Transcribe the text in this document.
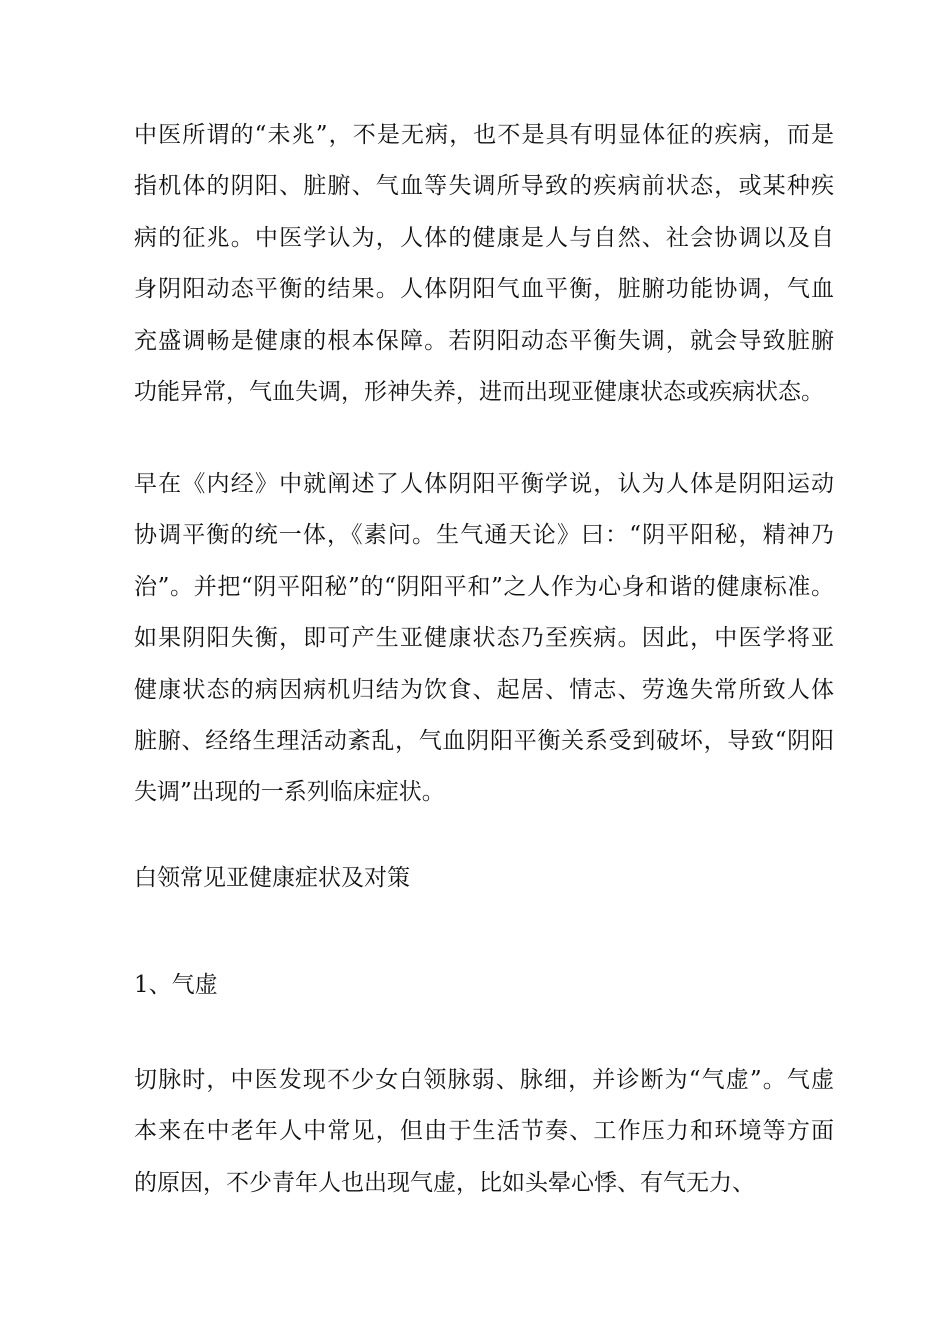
中医所谓的“未兆”，不是无病，也不是具有明显体征的疾病，而是
指机体的阴阳、脏腑、气血等失调所导致的疾病前状态，或某种疾
病的征兆。中医学认为，人体的健康是人与自然、社会协调以及自
身阴阳动态平衡的结果。人体阴阳气血平衡，脏腑功能协调，气血
充盛调畅是健康的根本保障。若阴阳动态平衡失调，就会导致脏腑
功能异常，气血失调，形神失养，进而出现亚健康状态或疾病状态。
早在《内经》中就阐述了人体阴阳平衡学说，认为人体是阴阳运动
协调平衡的统一体，《素问。生气通天论》曰：“阴平阳秘，精神乃
治”。并把“阴平阳秘”的“阴阳平和”之人作为心身和谐的健康标准。
如果阴阳失衡，即可产生亚健康状态乃至疾病。因此，中医学将亚
健康状态的病因病机归结为饮食、起居、情志、劳逸失常所致人体
脏腑、经络生理活动紊乱，气血阴阳平衡关系受到破坏，导致“阴阳
失调”出现的一系列临床症状。
白领常见亚健康症状及对策
1、气虚
切脉时，中医发现不少女白领脉弱、脉细，并诊断为“气虚”。气虚
本来在中老年人中常见，但由于生活节奏、工作压力和环境等方面
的原因，不少青年人也出现气虚，比如头晕心悸、有气无力、
